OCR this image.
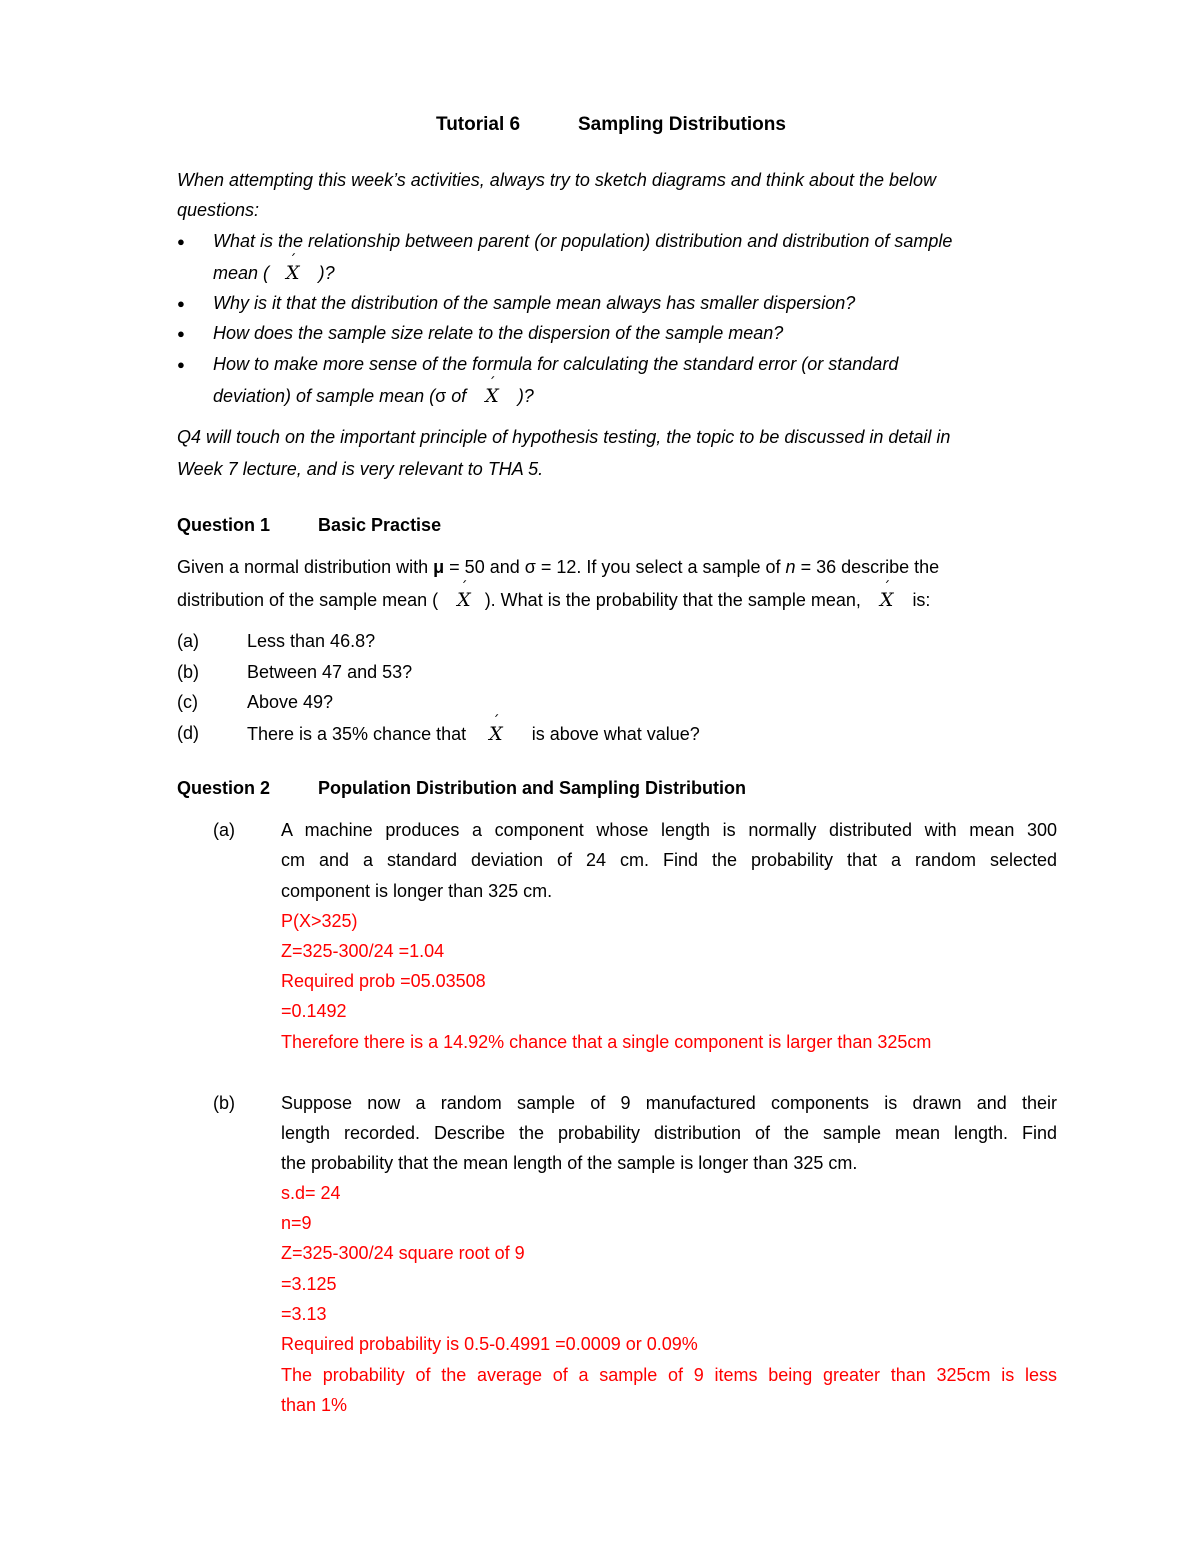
Tutorial 6	Sampling Distributions
When attempting this week’s activities, always try to sketch diagrams and think about the below
questions:
● What is the relationship between parent (or population) distribution and distribution of sample
mean ( ´ X )?
● Why is it that the distribution of the sample mean always has smaller dispersion?
● How does the sample size relate to the dispersion of the sample mean?
● How to make more sense of the formula for calculating the standard error (or standard
deviation) of sample mean (σ of ´ X )?
Q4 will touch on the important principle of hypothesis testing, the topic to be discussed in detail in
Week 7 lecture, and is very relevant to THA 5.
Question 1	Basic Practise
Given a normal distribution with μ = 50 and σ = 12. If you select a sample of n = 36 describe the
distribution of the sample mean ( ´ X ). What is the probability that the sample mean, ´ X is:
(a)	Less than 46.8?
(b)	Between 47 and 53?
(c)	Above 49?
(d)	There is a 35% chance that ´ X is above what value?
Question 2	Population Distribution and Sampling Distribution
(a)	A machine produces a component whose length is normally distributed with mean 300
cm and a standard deviation of 24 cm. Find the probability that a random selected
component is longer than 325 cm.
P(X>325)
Z=325-300/24 =1.04
Required prob =05.03508
=0.1492
Therefore there is a 14.92% chance that a single component is larger than 325cm
(b)	Suppose now a random sample of 9 manufactured components is drawn and their
length recorded. Describe the probability distribution of the sample mean length. Find
the probability that the mean length of the sample is longer than 325 cm.
s.d= 24
n=9
Z=325-300/24 square root of 9
=3.125
=3.13
Required probability is 0.5-0.4991 =0.0009 or 0.09%
The probability of the average of a sample of 9 items being greater than 325cm is less
than 1%
